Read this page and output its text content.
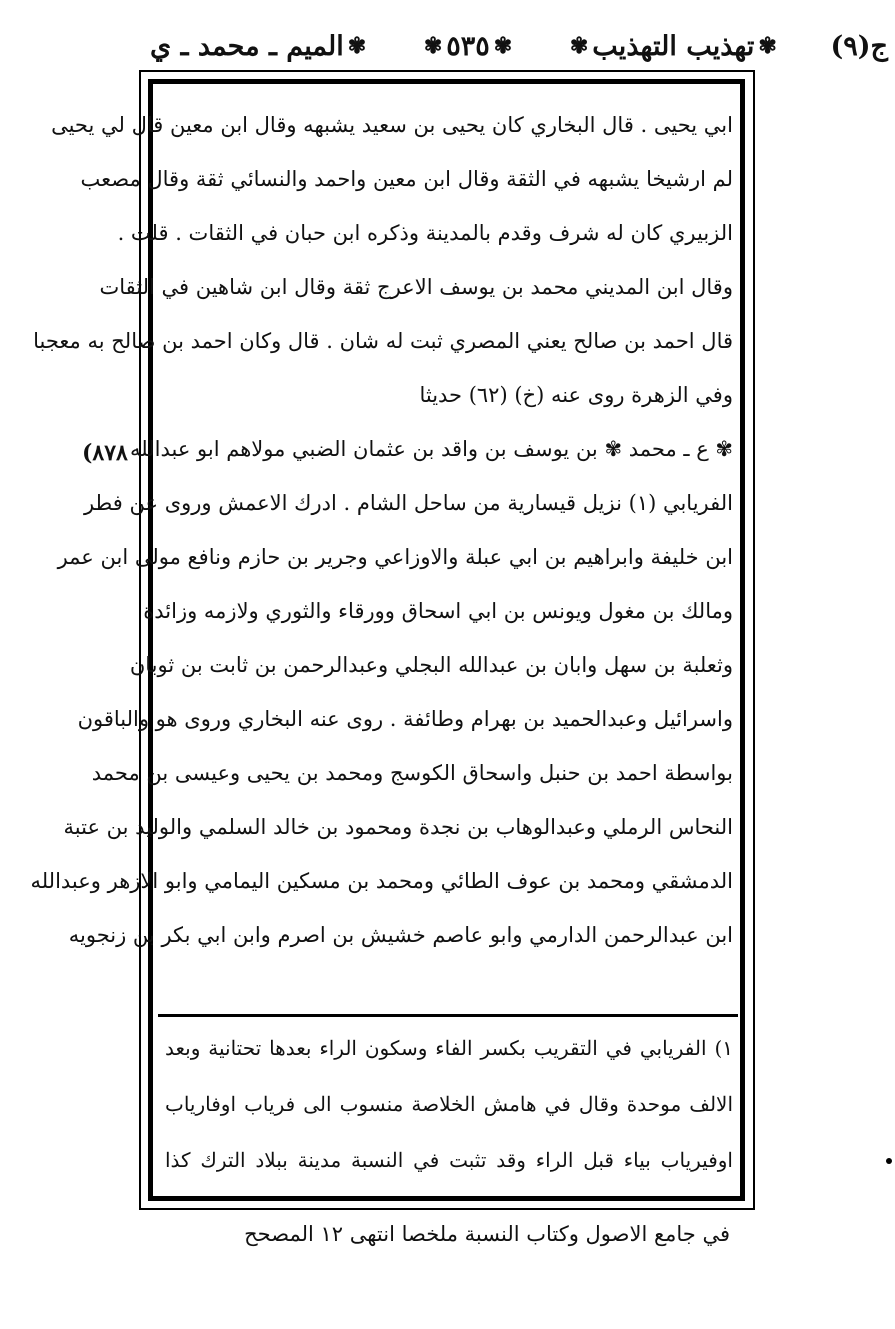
ج(٩)
✾
تهذيب التهذيب
✾
✾
٥٣٥
✾
✾
الميم ـ محمد ـ ي
٨٧٨)
ابي يحيى . قال البخاري كان يحيى بن سعيد يشبهه وقال ابن معين قال لي يحيى
لم ارشيخا يشبهه في الثقة وقال ابن معين واحمد والنسائي ثقة وقال مصعب
الزبيري كان له شرف وقدم بالمدينة وذكره ابن حبان في الثقات . قلت .
وقال ابن المديني محمد بن يوسف الاعرج ثقة وقال ابن شاهين في الثقات
قال احمد بن صالح يعني المصري ثبت له شان . قال وكان احمد بن صالح به معجبا
وفي الزهرة روى عنه (خ) (٦٢) حديثا
✾ ع ـ محمد ✾ بن يوسف بن واقد بن عثمان الضبي مولاهم ابو عبدالله
الفريابي (١) نزيل قيسارية من ساحل الشام . ادرك الاعمش وروى عن فطر
ابن خليفة وابراهيم بن ابي عبلة والاوزاعي وجرير بن حازم ونافع مولى ابن عمر
ومالك بن مغول ويونس بن ابي اسحاق وورقاء والثوري ولازمه وزائدة
وثعلبة بن سهل وابان بن عبدالله البجلي وعبدالرحمن بن ثابت بن ثوبان
واسرائيل وعبدالحميد بن بهرام وطائفة . روى عنه البخاري وروى هو والباقون
بواسطة احمد بن حنبل واسحاق الكوسج ومحمد بن يحيى وعيسى بن محمد
النحاس الرملي وعبدالوهاب بن نجدة ومحمود بن خالد السلمي والوليد بن عتبة
الدمشقي ومحمد بن عوف الطائي ومحمد بن مسكين اليمامي وابو الازهر وعبدالله
ابن عبدالرحمن الدارمي وابو عاصم خشيش بن اصرم وابن ابي بكر بن زنجويه
١) الفريابي في التقريب بكسر الفاء وسكون الراء بعدها تحتانية وبعد
الالف موحدة وقال في هامش الخلاصة منسوب الى فرياب اوفارياب
اوفيرياب بياء قبل الراء وقد تثبت في النسبة مدينة ببلاد الترك كذا
في جامع الاصول وكتاب النسبة ملخصا انتهى ١٢ المصحح
